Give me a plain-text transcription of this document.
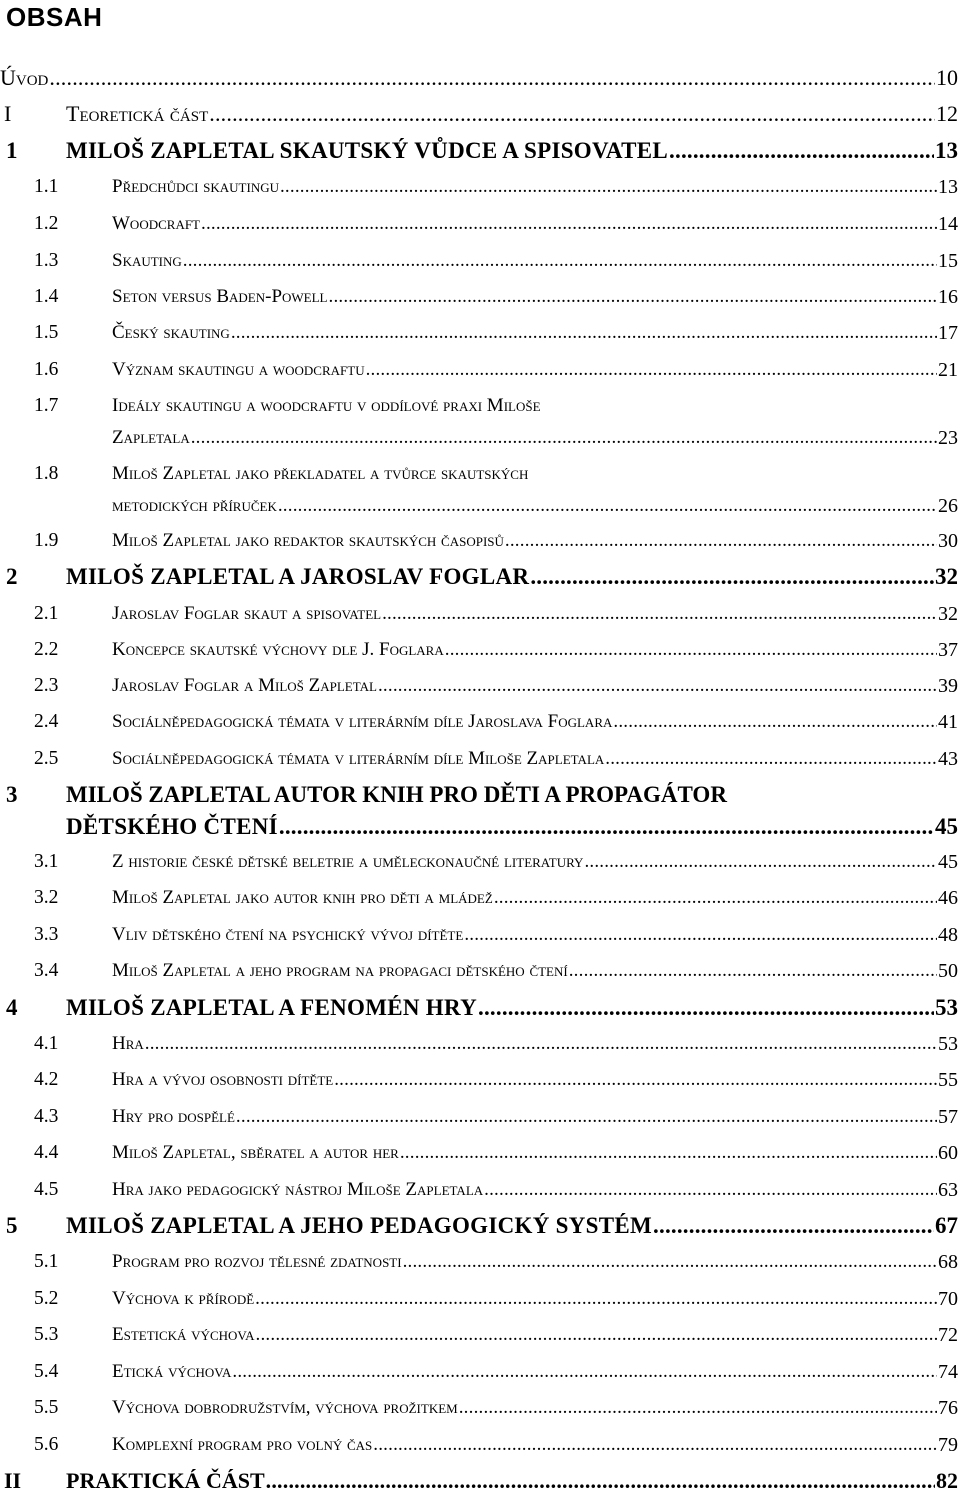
OBSAH
Úvod .....	10
I Teoretická část .....	12
1 MILOŠ ZAPLETAL SKAUTSKÝ VŮDCE A SPISOVATEL .....	13
1.1	Předchůdci skautingu .....	13
1.2	Woodcraft .....	14
1.3	Skauting .....	15
1.4	Seton versus Baden-Powell .....	16
1.5	Český skauting .....	17
1.6	Význam skautingu a woodcraftu .....	21
1.7	Ideály skautingu a woodcraftu v oddílové praxi Miloše
Zapletala .....	23
1.8	Miloš Zapletal jako překladatel a tvůrce skautských
metodických příruček .....	26
1.9	Miloš Zapletal jako redaktor skautských časopisů .....	30
2 MILOŠ ZAPLETAL A JAROSLAV FOGLAR .....	32
2.1	Jaroslav Foglar skaut a spisovatel .....	32
2.2	Koncepce skautské výchovy dle J. Foglara .....	37
2.3	Jaroslav Foglar a Miloš Zapletal .....	39
2.4	Sociálněpedagogická témata v literárním díle Jaroslava Foglara .....	41
2.5	Sociálněpedagogická témata v literárním díle Miloše Zapletala .....	43
3 MILOŠ ZAPLETAL AUTOR KNIH PRO DĚTI A PROPAGÁTOR
DĚTSKÉHO ČTENÍ .....	45
3.1	Z historie české dětské beletrie a uměleckonaučné literatury .....	45
3.2	Miloš Zapletal jako autor knih pro děti a mládež .....	46
3.3	Vliv dětského čtení na psychický vývoj dítěte .....	48
3.4	Miloš Zapletal a jeho program na propagaci dětského čtení .....	50
4 MILOŠ ZAPLETAL A FENOMÉN HRY .....	53
4.1	Hra .....	53
4.2	Hra a vývoj osobnosti dítěte .....	55
4.3	Hry pro dospělé .....	57
4.4	Miloš Zapletal, sběratel a autor her .....	60
4.5	Hra jako pedagogický nástroj Miloše Zapletala .....	63
5 MILOŠ ZAPLETAL A JEHO PEDAGOGICKÝ SYSTÉM .....	67
5.1	Program pro rozvoj tělesné zdatnosti .....	68
5.2	Výchova k přírodě .....	70
5.3	Estetická výchova .....	72
5.4	Etická výchova .....	74
5.5	Výchova dobrodružstvím, výchova prožitkem .....	76
5.6	Komplexní program pro volný čas .....	79
II PRAKTICKÁ ČÁST .....	82
